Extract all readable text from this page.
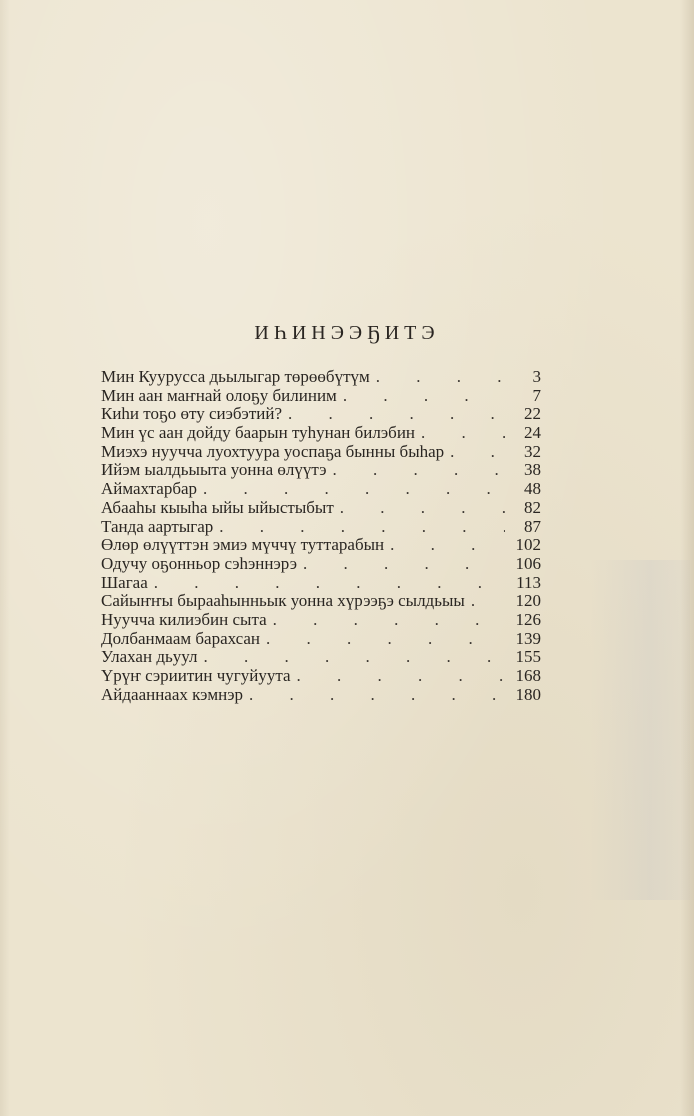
ИҺИНЭЭҔИТЭ
Мин Куурусса дьылыгар төрөөбүтүм . . .	3
Мин аан маҥнай олоҕу билиним . . .	7
Киһи тоҕо өту сиэбэтий? . . .	22
Мин үс аан дойду баарын туһунан билэбин . . .	24
Миэхэ нуучча луохтуура уоспаҕа бынны быһар . . .	32
Ийэм ыалдьыыта уонна өлүүтэ . . .	38
Аймахтарбар . . .	48
Абааһы кыыһа ыйы ыйыстыбыт . . .	82
Танда аартыгар . . .	87
Өлөр өлүүттэн эмиэ мүччү туттарабын . . .	102
Одучу оҕонньор сэһэннэрэ . . .	106
Шагаа . . .	113
Сайыҥҥы бырааһынньык уонна хүрээҕэ сылдьыы . . .	120
Нуучча килиэбин сыта . . .	126
Долбанмаам барахсан . . .	139
Улахан дьуул . . .	155
Үрүҥ сэриитин чугуйуута . . .	168
Айдааннаах кэмнэр . . .	180
